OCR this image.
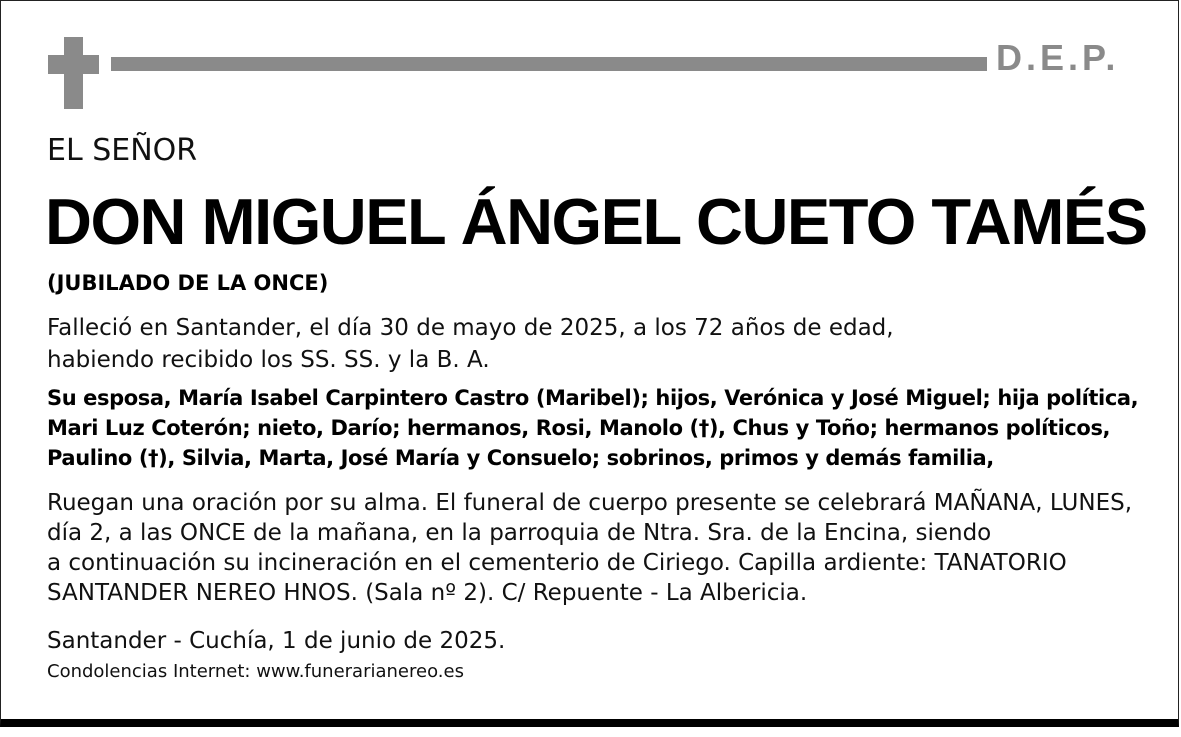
D.E.P.
EL SEÑOR
DON MIGUEL ÁNGEL CUETO TAMÉS
(JUBILADO DE LA ONCE)
Falleció en Santander, el día 30 de mayo de 2025, a los 72 años de edad,
habiendo recibido los SS. SS. y la B. A.
Su esposa, María Isabel Carpintero Castro (Maribel); hijos, Verónica y José Miguel; hija política,
Mari Luz Coterón; nieto, Darío; hermanos, Rosi, Manolo (†), Chus y Toño; hermanos políticos,
Paulino (†), Silvia, Marta, José María y Consuelo; sobrinos, primos y demás familia,
Ruegan una oración por su alma. El funeral de cuerpo presente se celebrará MAÑANA, LUNES,
día 2, a las ONCE de la mañana, en la parroquia de Ntra. Sra. de la Encina, siendo
a continuación su incineración en el cementerio de Ciriego. Capilla ardiente: TANATORIO
SANTANDER NEREO HNOS. (Sala nº 2). C/ Repuente - La Albericia.
Santander - Cuchía, 1 de junio de 2025.
Condolencias Internet: www.funerarianereo.es
